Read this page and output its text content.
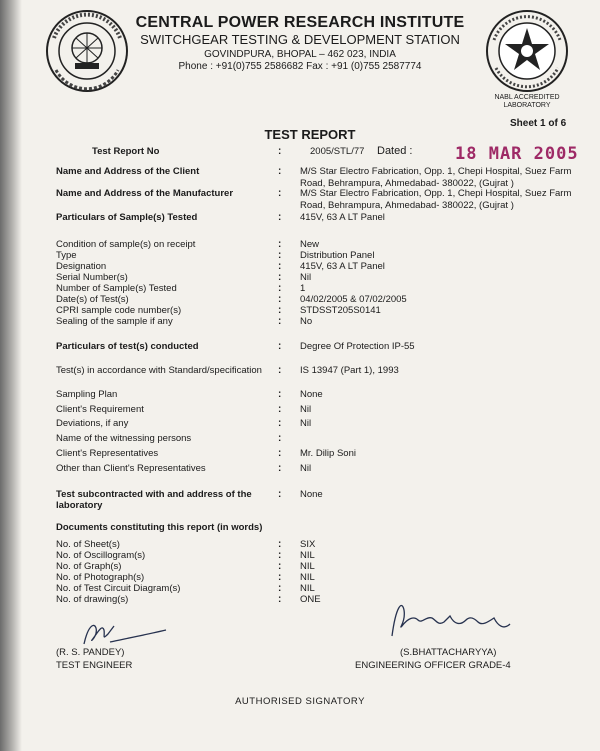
CENTRAL POWER RESEARCH INSTITUTE
SWITCHGEAR TESTING & DEVELOPMENT STATION
GOVINDPURA, BHOPAL – 462 023, INDIA
Phone : +91(0)755 2586682 Fax : +91 (0)755 2587774
NABL ACCREDITED LABORATORY
Sheet 1 of 6
TEST REPORT
Test Report No	:	2005/STL/77 Dated :	18 MAR 2005
Name and Address of the Client	: M/S Star Electro Fabrication, Opp. 1, Chepi Hospital, Suez Farm Road, Behrampura, Ahmedabad- 380022, (Gujrat )
Name and Address of the Manufacturer	: M/S Star Electro Fabrication, Opp. 1, Chepi Hospital, Suez Farm Road, Behrampura, Ahmedabad- 380022, (Gujrat )
Particulars of Sample(s) Tested	: 415V, 63 A LT Panel
Condition of sample(s) on receipt	: New
Type	: Distribution Panel
Designation	: 415V, 63 A LT Panel
Serial Number(s)	: Nil
Number of Sample(s) Tested	: 1
Date(s) of Test(s)	: 04/02/2005 & 07/02/2005
CPRI sample code number(s)	: STDSST205S0141
Sealing of the sample if any	: No
Particulars of test(s) conducted	: Degree Of Protection IP-55
Test(s) in accordance with Standard/specification	: IS 13947 (Part 1), 1993
Sampling Plan	: None
Client's Requirement	: Nil
Deviations, if any	: Nil
Name of the witnessing persons	:
Client's Representatives	: Mr. Dilip Soni
Other than Client's Representatives	: Nil
Test subcontracted with and address of the laboratory
: None
Documents constituting this report (in words)
No. of Sheet(s)	: SIX
No. of Oscillogram(s)	: NIL
No. of Graph(s)	: NIL
No. of Photograph(s)	: NIL
No. of Test Circuit Diagram(s)	: NIL
No. of drawing(s)	: ONE
(R. S. PANDEY)
TEST ENGINEER
(S.BHATTACHARYYA)
ENGINEERING OFFICER GRADE-4
AUTHORISED SIGNATORY
